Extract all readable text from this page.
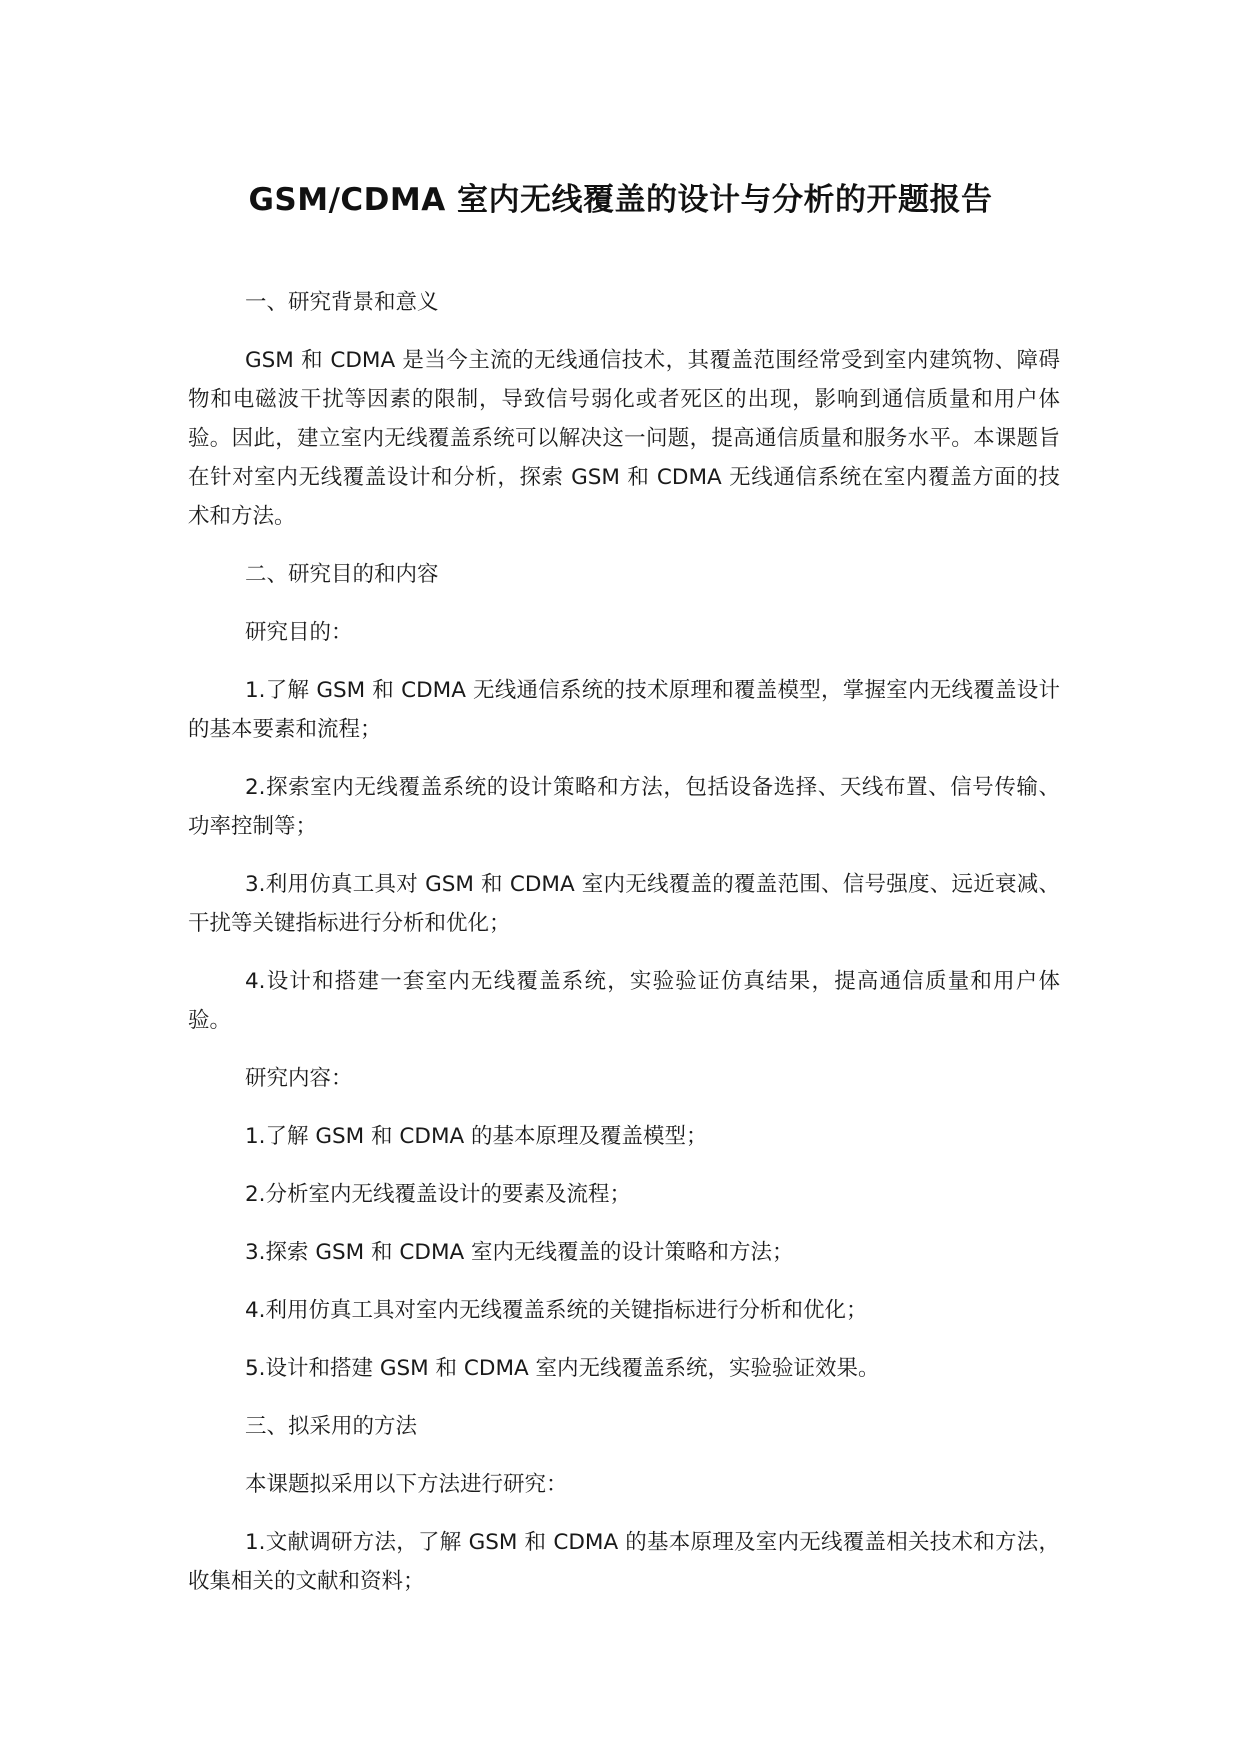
GSM/CDMA 室内无线覆盖的设计与分析的开题报告

一、研究背景和意义

GSM 和 CDMA 是当今主流的无线通信技术，其覆盖范围经常受到室内建筑物、障碍物和电磁波干扰等因素的限制，导致信号弱化或者死区的出现，影响到通信质量和用户体验。因此，建立室内无线覆盖系统可以解决这一问题，提高通信质量和服务水平。本课题旨在针对室内无线覆盖设计和分析，探索 GSM 和 CDMA 无线通信系统在室内覆盖方面的技术和方法。

二、研究目的和内容

研究目的：

1.了解 GSM 和 CDMA 无线通信系统的技术原理和覆盖模型，掌握室内无线覆盖设计的基本要素和流程；

2.探索室内无线覆盖系统的设计策略和方法，包括设备选择、天线布置、信号传输、功率控制等；

3.利用仿真工具对 GSM 和 CDMA 室内无线覆盖的覆盖范围、信号强度、远近衰减、干扰等关键指标进行分析和优化；

4.设计和搭建一套室内无线覆盖系统，实验验证仿真结果，提高通信质量和用户体验。

研究内容：

1.了解 GSM 和 CDMA 的基本原理及覆盖模型；

2.分析室内无线覆盖设计的要素及流程；

3.探索 GSM 和 CDMA 室内无线覆盖的设计策略和方法；

4.利用仿真工具对室内无线覆盖系统的关键指标进行分析和优化；

5.设计和搭建 GSM 和 CDMA 室内无线覆盖系统，实验验证效果。

三、拟采用的方法

本课题拟采用以下方法进行研究：

1.文献调研方法，了解 GSM 和 CDMA 的基本原理及室内无线覆盖相关技术和方法，收集相关的文献和资料；
